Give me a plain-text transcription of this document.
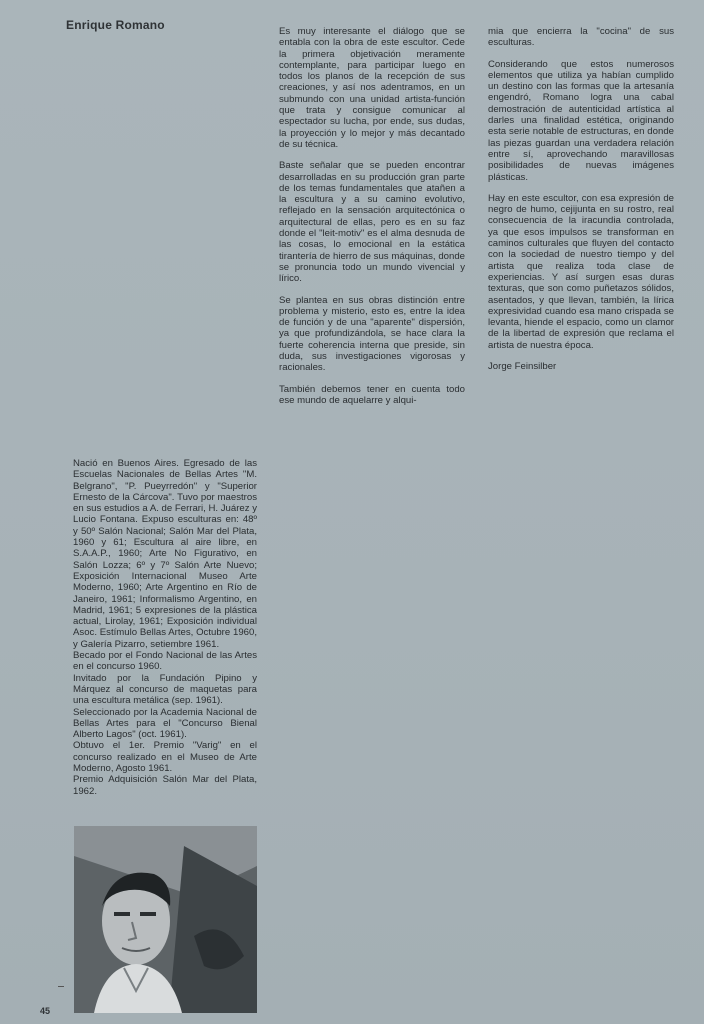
Enrique Romano	Es muy interesante el diálogo que se entabla con la obra de este escultor. Cede la primera objetivación meramente contemplante, para participar luego en todos los planos de la recepción de sus creaciones, y así nos adentramos, en un submundo con una unidad artista-función que trata y consigue comunicar al espectador su lucha, por ende, sus dudas, la proyección y lo mejor y más decantado de su técnica.

Baste señalar que se pueden encontrar desarrolladas en su producción gran parte de los temas fundamentales que atañen a la escultura y a su camino evolutivo, reflejado en la sensación arquitectónica o arquitectural de ellas, pero es en su faz donde el "leit-motiv" es el alma desnuda de las cosas, lo emocional en la estática tirantería de hierro de sus máquinas, donde se pronuncia todo un mundo vivencial y lírico.

Se plantea en sus obras distinción entre problema y misterio, esto es, entre la idea de función y de una "aparente" dispersión, ya que profundizándola, se hace clara la fuerte coherencia interna que preside, sin duda, sus investigaciones vigorosas y racionales.

También debemos tener en cuenta todo ese mundo de aquelarre y alqui-

mia que encierra la "cocina" de sus esculturas.

Considerando que estos numerosos elementos que utiliza ya habían cumplido un destino con las formas que la artesanía engendró, Romano logra una cabal demostración de autenticidad artística al darles una finalidad estética, originando esta serie notable de estructuras, en donde las piezas guardan una verdadera relación entre sí, aprovechando maravillosas posibilidades de nuevas imágenes plásticas.

Hay en este escultor, con esa expresión de negro de humo, cejijunta en su rostro, real consecuencia de la iracundia controlada, ya que esos impulsos se transforman en caminos culturales que fluyen del contacto con la sociedad de nuestro tiempo y del artista que realiza toda clase de experiencias. Y así surgen esas duras texturas, que son como puñetazos sólidos, asentados, y que llevan, también, la lírica expresividad cuando esa mano crispada se levanta, hiende el espacio, como un clamor de la libertad de expresión que reclama el artista de nuestra época.

Jorge Feinsilber

Nació en Buenos Aires. Egresado de las Escuelas Nacionales de Bellas Artes "M. Belgrano", "P. Pueyrredón" y "Superior Ernesto de la Cárcova". Tuvo por maestros en sus estudios a A. de Ferrari, H. Juárez y Lucio Fontana. Expuso esculturas en: 48º y 50º Salón Nacional; Salón Mar del Plata, 1960 y 61; Escultura al aire libre, en S.A.A.P., 1960; Arte No Figurativo, en Salón Lozza; 6º y 7º Salón Arte Nuevo; Exposición Internacional Museo Arte Moderno, 1960; Arte Argentino en Río de Janeiro, 1961; Informalismo Argentino, en Madrid, 1961; 5 expresiones de la plástica actual, Lirolay, 1961; Exposición individual Asoc. Estímulo Bellas Artes, Octubre 1960, y Galería Pizarro, setiembre 1961.

Becado por el Fondo Nacional de las Artes en el concurso 1960.

Invitado por la Fundación Pipino y Márquez al concurso de maquetas para una escultura metálica (sep. 1961).

Seleccionado por la Academia Nacional de Bellas Artes para el "Concurso Bienal Alberto Lagos" (oct. 1961).

Obtuvo el 1er. Premio "Varig" en el concurso realizado en el Museo de Arte Moderno, Agosto 1961.

Premio Adquisición Salón Mar del Plata, 1962.

45
